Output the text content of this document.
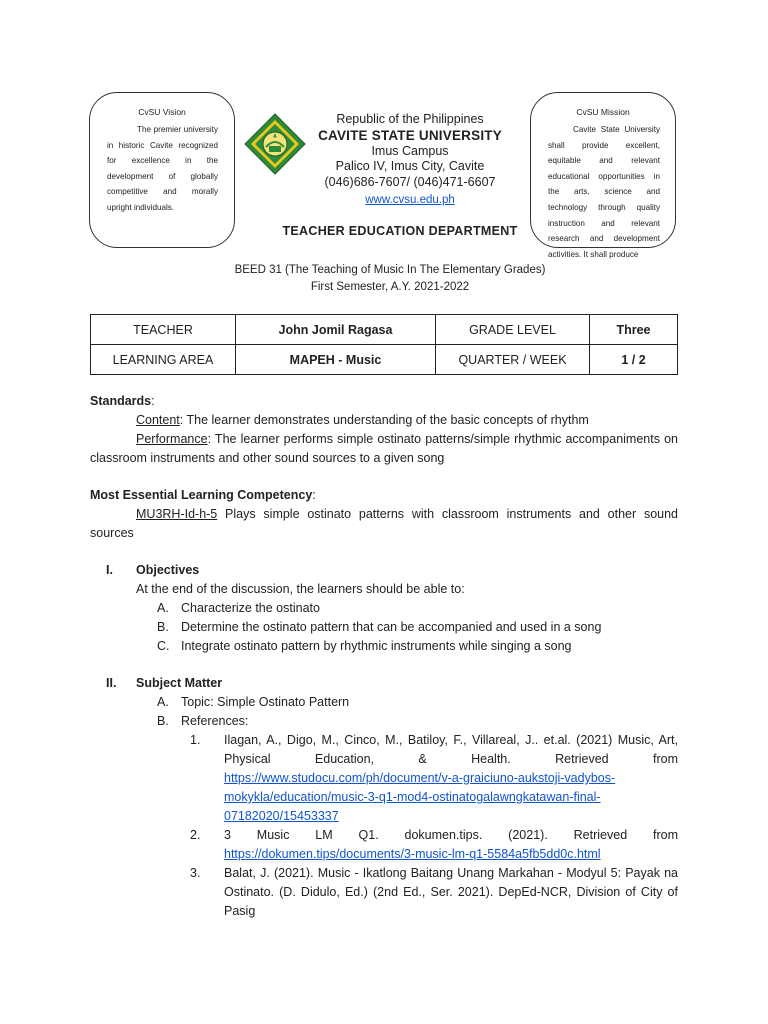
CvSU Vision
The premier university in historic Cavite recognized for excellence in the development of globally competitive and morally upright individuals.
Republic of the Philippines
CAVITE STATE UNIVERSITY
Imus Campus
Palico IV, Imus City, Cavite
(046)686-7607/ (046)471-6607
www.cvsu.edu.ph
CvSU Mission
Cavite State University shall provide excellent, equitable and relevant educational opportunities in the arts, science and technology through quality instruction and relevant research and development activities. It shall produce
TEACHER EDUCATION DEPARTMENT
BEED 31 (The Teaching of Music In The Elementary Grades)
First Semester, A.Y. 2021-2022
TEACHER	John Jomil Ragasa	GRADE LEVEL	Three
LEARNING AREA	MAPEH - Music	QUARTER / WEEK	1 / 2
Standards:
Content: The learner demonstrates understanding of the basic concepts of rhythm
Performance: The learner performs simple ostinato patterns/simple rhythmic accompaniments on classroom instruments and other sound sources to a given song
Most Essential Learning Competency:
MU3RH-Id-h-5 Plays simple ostinato patterns with classroom instruments and other sound sources
I.	Objectives
At the end of the discussion, the learners should be able to:
A. Characterize the ostinato
B. Determine the ostinato pattern that can be accompanied and used in a song
C. Integrate ostinato pattern by rhythmic instruments while singing a song
II.	Subject Matter
A. Topic: Simple Ostinato Pattern
B. References:
1.	Ilagan, A., Digo, M., Cinco, M., Batiloy, F., Villareal, J.. et.al. (2021) Music, Art, Physical Education, & Health. Retrieved from https://www.studocu.com/ph/document/v-a-graiciuno-aukstoji-vadybos-mokykla/education/music-3-q1-mod4-ostinatogalawngkatawan-final-07182020/15453337
2.	3 Music LM Q1. dokumen.tips. (2021). Retrieved from https://dokumen.tips/documents/3-music-lm-q1-5584a5fb5dd0c.html
3.	Balat, J. (2021). Music - Ikatlong Baitang Unang Markahan - Modyul 5: Payak na Ostinato. (D. Didulo, Ed.) (2nd Ed., Ser. 2021). DepEd-NCR, Division of City of Pasig
